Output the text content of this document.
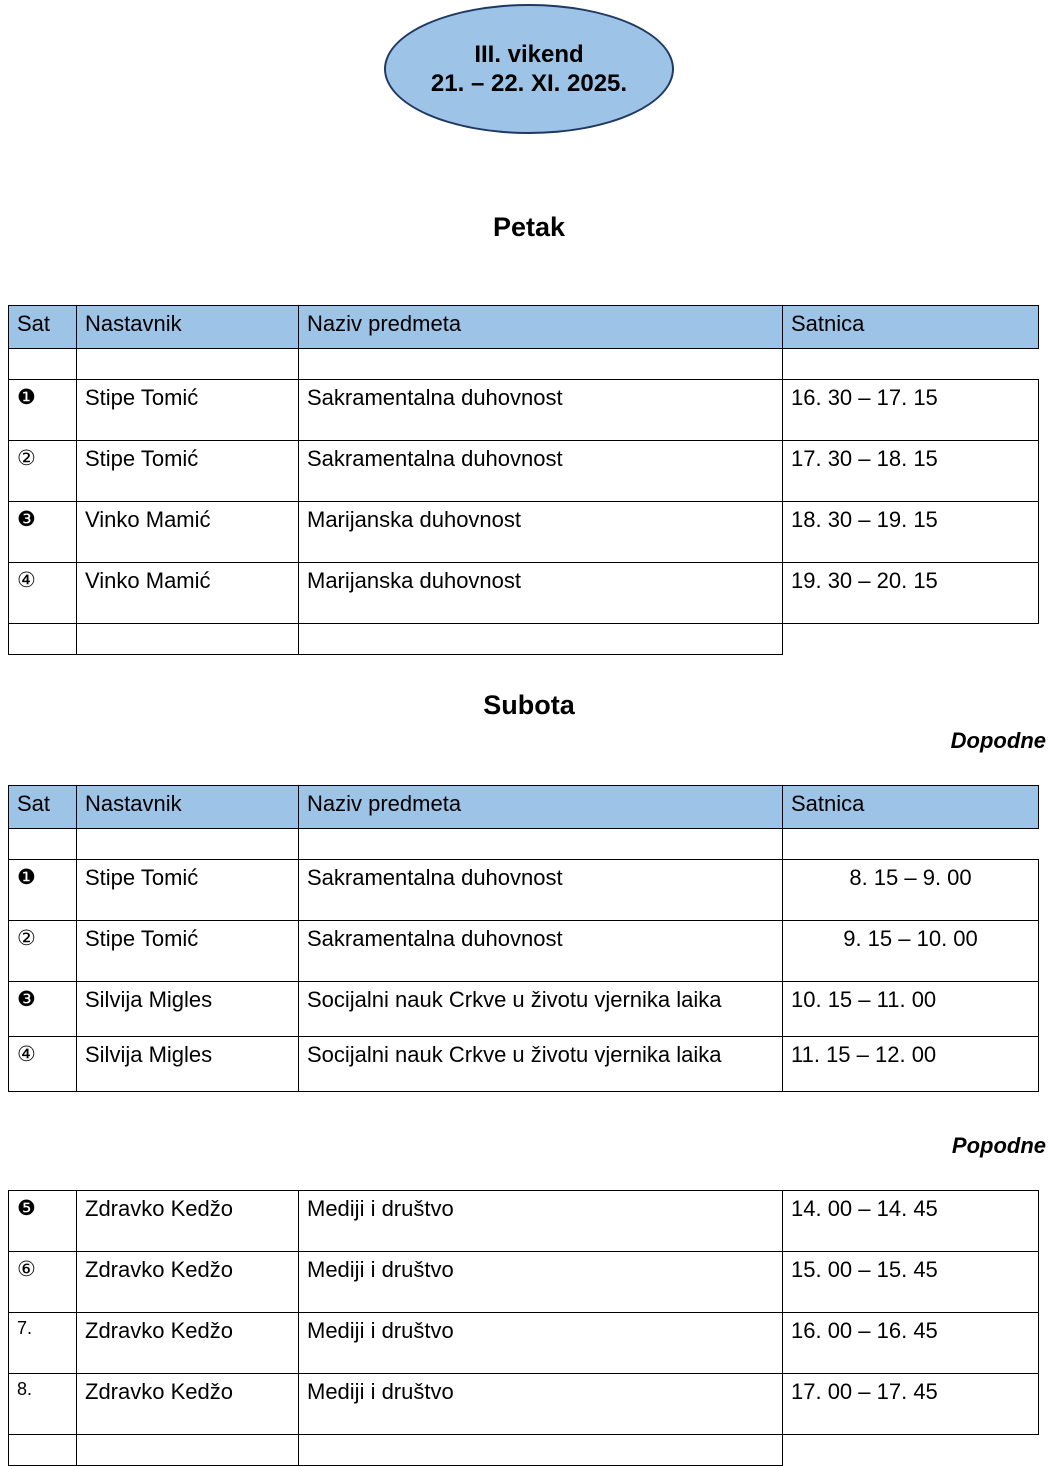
III. vikend
21. – 22. XI. 2025.
Petak
Sat	Nastavnik	Naziv predmeta	Satnica

❶	Stipe Tomić	Sakramentalna duhovnost	16. 30 – 17. 15
②	Stipe Tomić	Sakramentalna duhovnost	17. 30 – 18. 15
❸	Vinko Mamić	Marijanska duhovnost	18. 30 – 19. 15
④	Vinko Mamić	Marijanska duhovnost	19. 30 – 20. 15

Subota
Dopodne
Sat	Nastavnik	Naziv predmeta	Satnica

❶	Stipe Tomić	Sakramentalna duhovnost	8. 15 – 9. 00
②	Stipe Tomić	Sakramentalna duhovnost	9. 15 – 10. 00
❸	Silvija Migles	Socijalni nauk Crkve u životu vjernika laika	10. 15 – 11. 00
④	Silvija Migles	Socijalni nauk Crkve u životu vjernika laika	11. 15 – 12. 00
Popodne
❺	Zdravko Kedžo	Mediji i društvo	14. 00 – 14. 45
⑥	Zdravko Kedžo	Mediji i društvo	15. 00 – 15. 45
7.	Zdravko Kedžo	Mediji i društvo	16. 00 – 16. 45
8.	Zdravko Kedžo	Mediji i društvo	17. 00 – 17. 45
